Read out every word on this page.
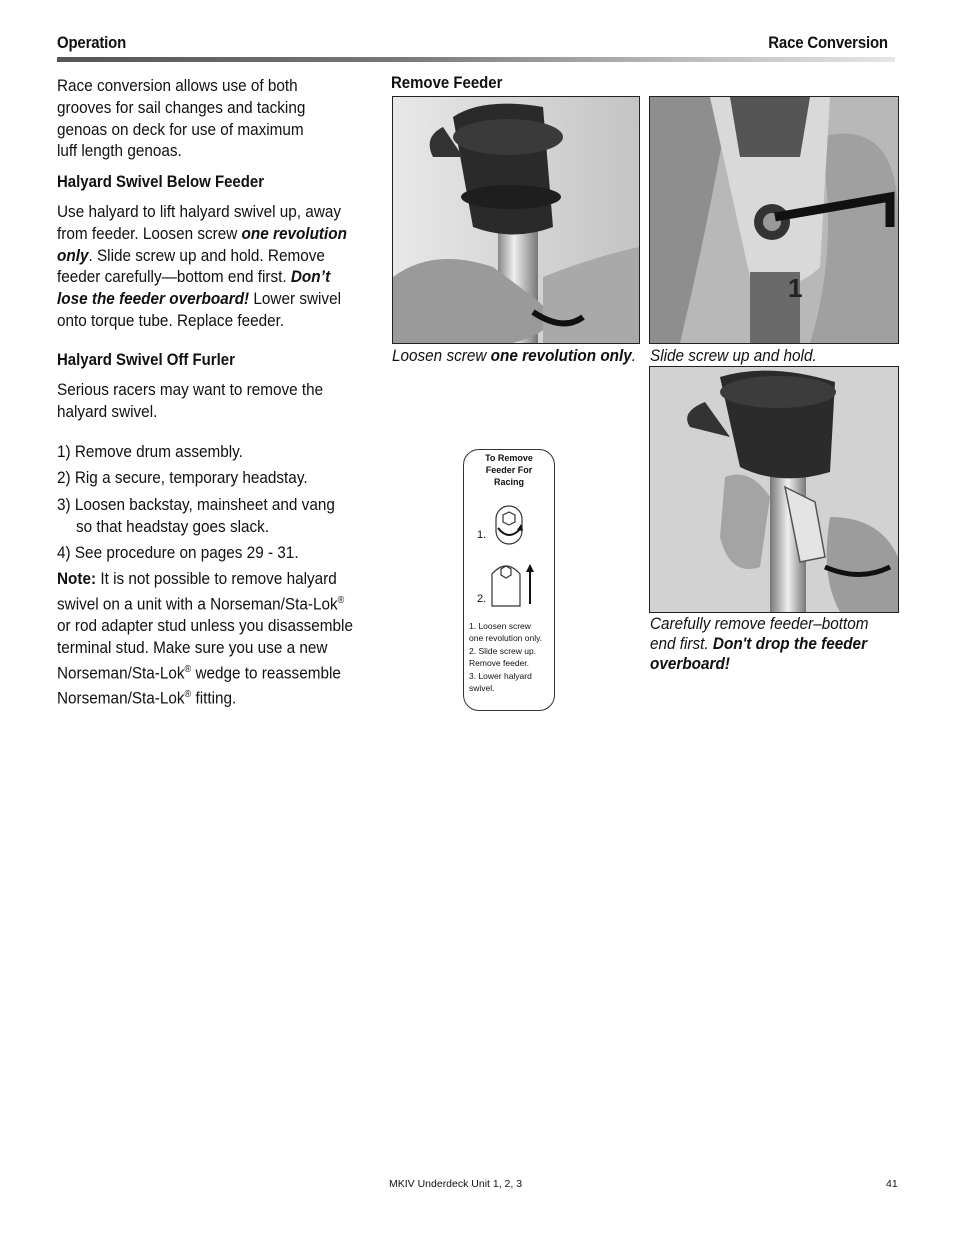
Operation	Race Conversion
Race conversion allows use of both grooves for sail changes and tacking genoas on deck for use of maximum luff length genoas.
Halyard Swivel Below Feeder
Use halyard to lift halyard swivel up, away from feeder. Loosen screw one revolution only. Slide screw up and hold. Remove feeder carefully—bottom end first. Don’t lose the feeder overboard! Lower swivel onto torque tube. Replace feeder.
Halyard Swivel Off Furler
Serious racers may want to remove the halyard swivel.
1) Remove drum assembly.
2) Rig a secure, temporary headstay.
3) Loosen backstay, mainsheet and vang
so that headstay goes slack.
4) See procedure on pages 29 - 31.
Note: It is not possible to remove halyard swivel on a unit with a Norseman/Sta-Lok® or rod adapter stud unless you disassemble terminal stud. Make sure you use a new Norseman/Sta-Lok® wedge to reassemble Norseman/Sta-Lok® fitting.
Remove Feeder
1
Loosen screw one revolution only. Slide screw up and hold.
Carefully remove feeder–bottom end first. Don't drop the feeder overboard!
To Remove
Feeder For
Racing
1.
2.
1. Loosen screw
one revolution only.
2. Slide screw up.
Remove feeder.
3. Lower halyard
swivel.
MKIV Underdeck Unit 1, 2, 3	41
